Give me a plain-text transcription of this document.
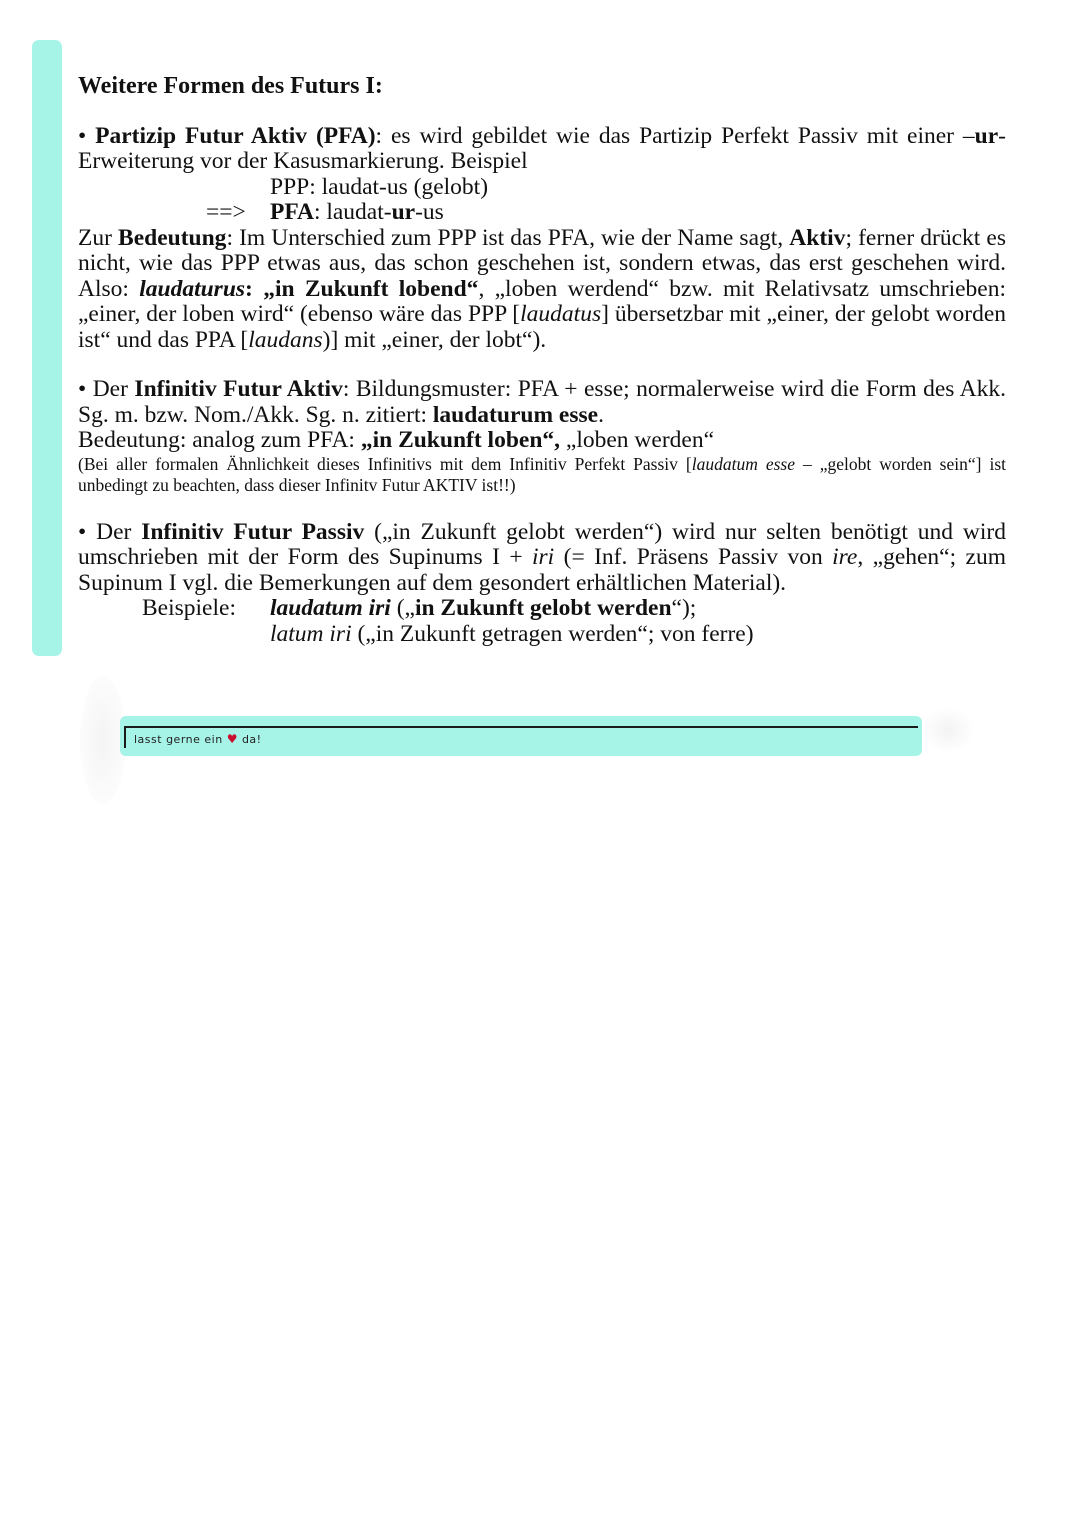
Weitere Formen des Futurs I:

• Partizip Futur Aktiv (PFA): es wird gebildet wie das Partizip Perfekt Passiv mit einer –ur-Erweiterung vor der Kasusmarkierung. Beispiel

PPP: laudat-us (gelobt)
==> PFA: laudat-ur-us

Zur Bedeutung: Im Unterschied zum PPP ist das PFA, wie der Name sagt, Aktiv; ferner drückt es nicht, wie das PPP etwas aus, das schon geschehen ist, sondern etwas, das erst geschehen wird. Also: laudaturus: „in Zukunft lobend“, „loben werdend“ bzw. mit Relativsatz umschrieben: „einer, der loben wird“ (ebenso wäre das PPP [laudatus] übersetzbar mit „einer, der gelobt worden ist“ und das PPA [laudans)] mit „einer, der lobt“).

• Der Infinitiv Futur Aktiv: Bildungsmuster: PFA + esse; normalerweise wird die Form des Akk. Sg. m. bzw. Nom./Akk. Sg. n. zitiert: laudaturum esse.

Bedeutung: analog zum PFA: „in Zukunft loben“, „loben werden“

(Bei aller formalen Ähnlichkeit dieses Infinitivs mit dem Infinitiv Perfekt Passiv [laudatum esse – „gelobt worden sein“] ist unbedingt zu beachten, dass dieser Infinitv Futur AKTIV ist!!)

• Der Infinitiv Futur Passiv („in Zukunft gelobt werden“) wird nur selten benötigt und wird umschrieben mit der Form des Supinums I + iri (= Inf. Präsens Passiv von ire, „gehen“; zum Supinum I vgl. die Bemerkungen auf dem gesondert erhältlichen Material).

Beispiele: laudatum iri („in Zukunft gelobt werden“);
latum iri („in Zukunft getragen werden“; von ferre)
lasst gerne ein ♥ da!
